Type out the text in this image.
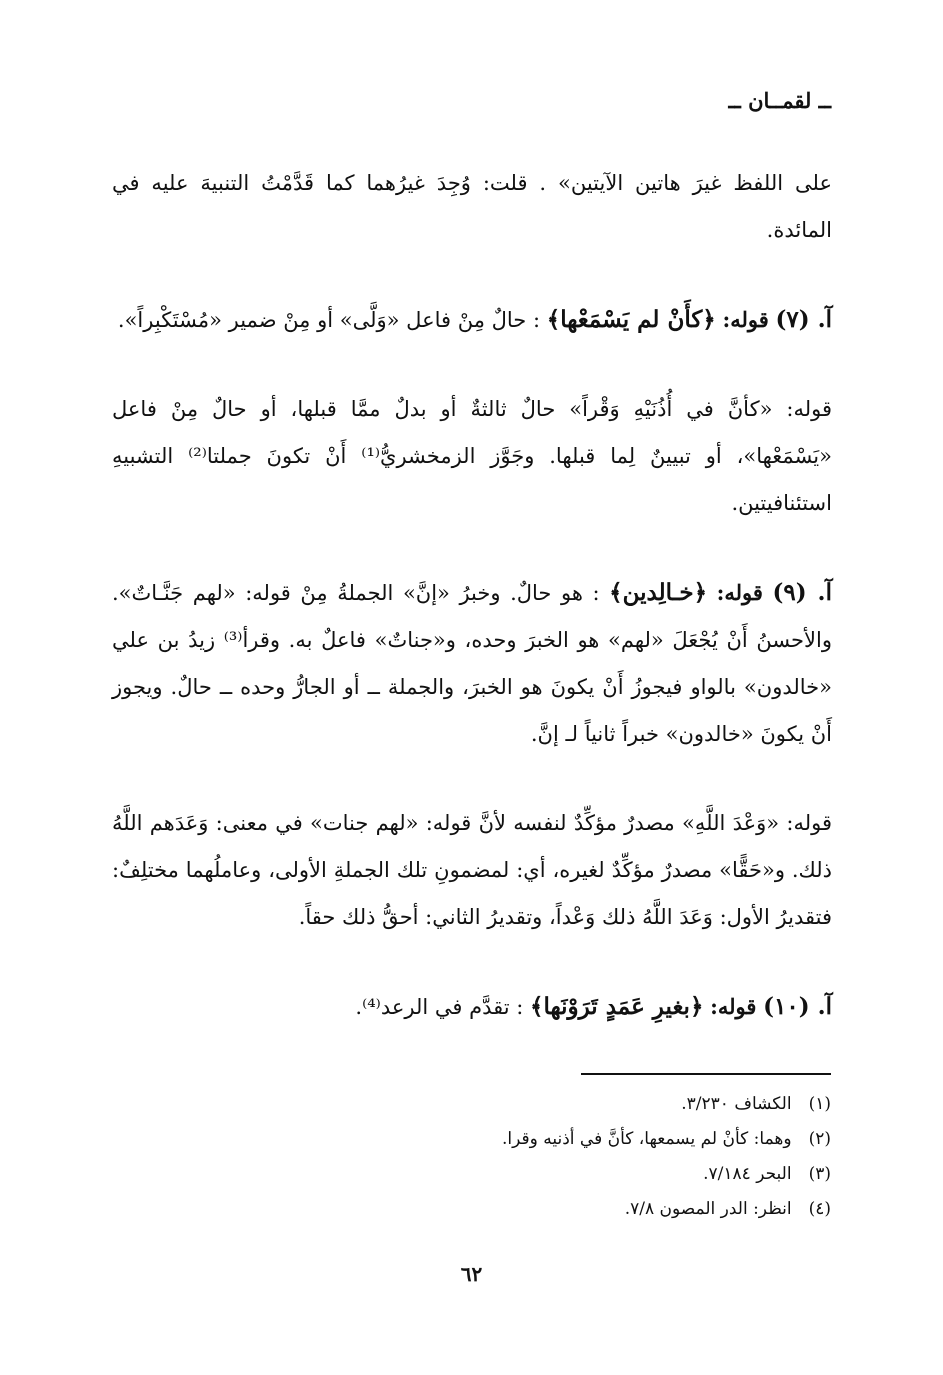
ــ لقمــان ــ

على اللفظ غيرَ هاتين الآيتين» . قلت: وُجِدَ غيرُهما كما قَدَّمْتُ التنبيهَ عليه في المائدة.

آ. (٧) قوله: ﴿كأَنْ لم يَسْمَعْها﴾ : حالٌ مِنْ فاعل «وَلَّى» أو مِنْ ضمير «مُسْتَكْبِراً».

قوله: «كأنَّ في أُذُنَيْهِ وَقْراً» حالٌ ثالثةٌ أو بدلٌ ممَّا قبلها، أو حالٌ مِنْ فاعل «يَسْمَعْها»، أو تبيينٌ لِما قبلها. وجَوَّز الزمخشريُّ⁽¹⁾ أَنْ تكونَ جملتا⁽²⁾ التشبيهِ استئنافيتين.

آ. (٩) قوله: ﴿خـالِدين﴾ : هو حالٌ. وخبرُ «إنَّ» الجملةُ مِنْ قوله: «لهم جَنَّـاتٌ». والأحسنُ أَنْ يُجْعَلَ «لهم» هو الخبرَ وحده، و«جناتٌ» فاعلٌ به. وقرأ⁽³⁾ زيدُ بن علي «خالدون» بالواو فيجوزُ أَنْ يكونَ هو الخبرَ، والجملة ــ أو الجارُّ وحده ــ حالٌ. ويجوز أَنْ يكونَ «خالدون» خبراً ثانياً لـ إنَّ.

قوله: «وَعْدَ اللَّهِ» مصدرٌ مؤكِّدٌ لنفسه لأنَّ قوله: «لهم جنات» في معنى: وَعَدَهم اللَّهُ ذلك. و«حَقًّا» مصدرٌ مؤكِّدٌ لغيره، أي: لمضمونِ تلك الجملةِ الأولى، وعاملُهما مختلِفٌ: فتقديرُ الأول: وَعَدَ اللَّهُ ذلك وَعْداً، وتقديرُ الثاني: أحقُّ ذلك حقاً.

آ. (١٠) قوله: ﴿بغيرِ عَمَدٍ تَرَوْنَها﴾ : تقدَّم في الرعد⁽⁴⁾.

(١) الكشاف ٣/٢٣٠.
(٢) وهما: كأنْ لم يسمعها، كأنَّ في أذنيه وقرا.
(٣) البحر ٧/١٨٤.
(٤) انظر: الدر المصون ٧/٨.
٦٢
